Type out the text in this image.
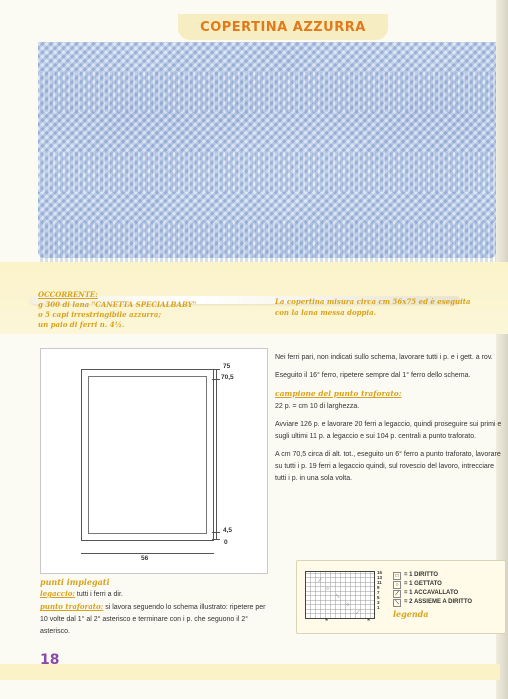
COPERTINA AZZURRA
OCCORRENTE:
g 300 di lana "CANETTA SPECIALBABY"
o 5 capi irrestringibile azzurra;
un paio di ferri n. 4½.
La copertina misura circa cm 56x75 ed è eseguita
con la lana messa doppia.
75
70,5
4,5
0
56

Nei ferri pari, non indicati sullo schema, lavorare tutti i p. e i gett. a rov.

Eseguito il 16° ferro, ripetere sempre dal 1° ferro dello schema.

campione del punto traforato:

22 p. = cm 10 di larghezza.

Avviare 126 p. e lavorare 20 ferri a legaccio, quindi proseguire sui primi e sugli ultimi 11 p. a legaccio e sui 104 p. centrali a punto traforato.

A cm 70,5 circa di alt. tot., eseguito un 6° ferro a punto traforato, lavorare su tutti i p. 19 ferri a legaccio quindi, sul rovescio del lavoro, intrecciare tutti i p. in una sola volta.

punti impiegati
legaccio: tutti i ferri a dir.
punto traforato: si lavora seguendo lo schema illustrato: ripetere per 10 volte dal 1° al 2° asterisco e terminare con i p. che seguono il 2° asterisco.
⟋
○
⟍
○
⟋
*	*
15
13
11
9
7
5
3
1
□ = 1 DIRITTO
○ = 1 GETTATO
⟋ = 1 ACCAVALLATO
⟍ = 2 ASSIEME A DIRITTO
legenda
18
